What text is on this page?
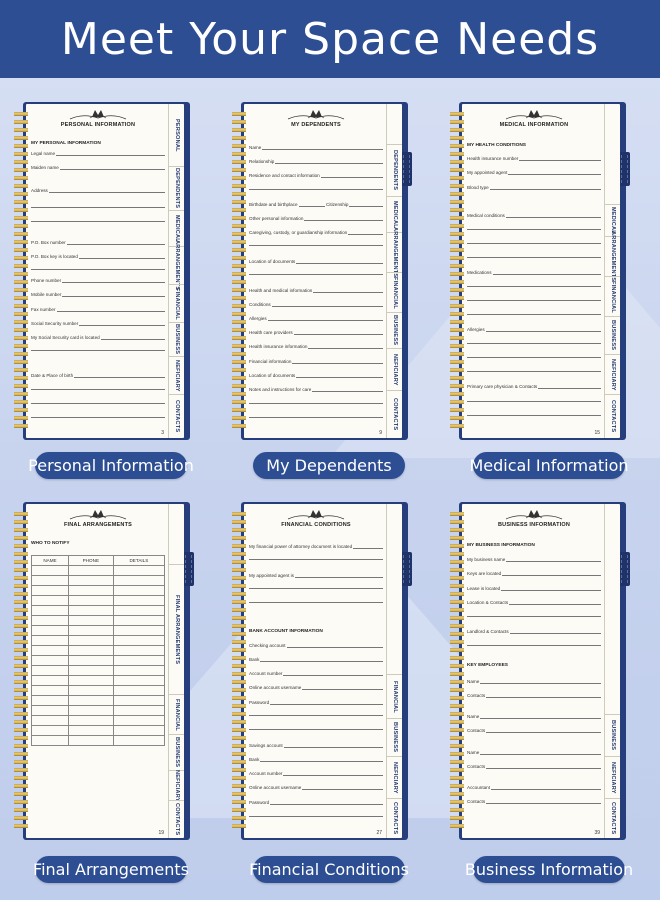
Meet Your Space Needs
PERSONAL INFORMATION
MY PERSONAL INFORMATION
Legal name
Maiden name
Address
P.O. Box number
P.O. Box key is located
Phone number
Mobile number
Fax number
Social Security number
My Social Security card is located
Date & Place of birth
PERSONAL
DEPENDENTS
MEDICAL
ARRANGEMENTS
FINANCIAL
BUSINESS
NEFICIARY
CONTACTS
3
MY DEPENDENTS
Name
Relationship
Residence and contact information
Birthdate and birthplace	Citizenship
Other personal information
Caregiving, custody, or guardianship information
Location of documents
Health and medical information
Conditions
Allergies
Health care providers
Health insurance information
Financial information
Location of documents
Notes and instructions for care
DEPENDENTS
MEDICAL
ARRANGEMENTS
FINANCIAL
BUSINESS
NEFICIARY
CONTACTS
9
MEDICAL INFORMATION
MY HEALTH CONDITIONS
Health insurance number
My appointed agent
Blood type
Medical conditions
Medications
Allergies
Primary care physician & Contacts
MEDICAL
ARRANGEMENTS
FINANCIAL
BUSINESS
NEFICIARY
CONTACTS
15
FINAL ARRANGEMENTS
WHO TO NOTIFY
NAME	PHONE	DETAILS

FINAL ARRANGEMENTS
FINANCIAL
BUSINESS
NEFICIARY
CONTACTS
19
FINANCIAL CONDITIONS
My financial power of attorney document is located
My appointed agent is
BANK ACCOUNT INFORMATION
Checking account
Bank
Account number
Online account username
Password
Savings account
Bank
Account number
Online account username
Password
FINANCIAL
BUSINESS
NEFICIARY
CONTACTS
27
BUSINESS INFORMATION
MY BUSINESS INFORMATION
My business name
Keys are located
Lease is located
Location & Contacts
Landlord & Contacts
KEY EMPLOYEES
Name
Contacts
Name
Contacts
Name
Contacts
Accountant
Contacts
BUSINESS
NEFICIARY
CONTACTS
39
Personal Information	My Dependents	Medical Information
Final Arrangements	Financial Conditions	Business Information
